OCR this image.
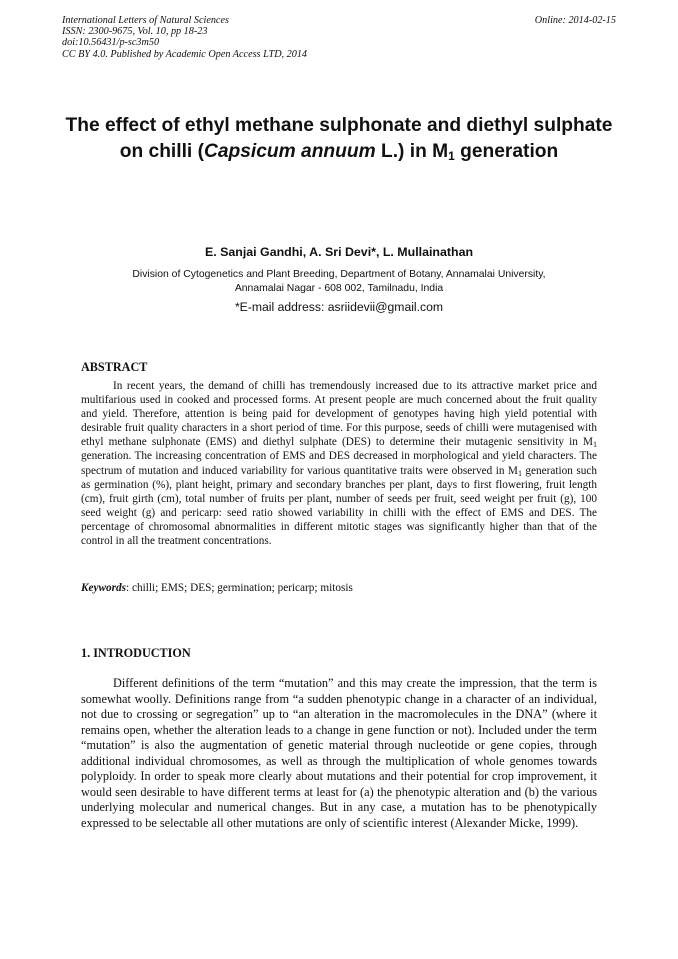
International Letters of Natural Sciences
ISSN: 2300-9675, Vol. 10, pp 18-23
doi:10.56431/p-sc3m50
CC BY 4.0. Published by Academic Open Access LTD, 2014
Online: 2014-02-15
The effect of ethyl methane sulphonate and diethyl sulphate on chilli (Capsicum annuum L.) in $M_1$ generation
E. Sanjai Gandhi, A. Sri Devi*, L. Mullainathan
Division of Cytogenetics and Plant Breeding, Department of Botany, Annamalai University,
Annamalai Nagar - 608 002, Tamilnadu, India
*E-mail address: asriidevii@gmail.com
ABSTRACT

In recent years, the demand of chilli has tremendously increased due to its attractive market price and multifarious used in cooked and processed forms. At present people are much concerned about the fruit quality and yield. Therefore, attention is being paid for development of genotypes having high yield potential with desirable fruit quality characters in a short period of time. For this purpose, seeds of chilli were mutagenised with ethyl methane sulphonate (EMS) and diethyl sulphate (DES) to determine their mutagenic sensitivity in $M_1$ generation. The increasing concentration of EMS and DES decreased in morphological and yield characters. The spectrum of mutation and induced variability for various quantitative traits were observed in $M_1$ generation such as germination (%), plant height, primary and secondary branches per plant, days to first flowering, fruit length (cm), fruit girth (cm), total number of fruits per plant, number of seeds per fruit, seed weight per fruit (g), 100 seed weight (g) and pericarp: seed ratio showed variability in chilli with the effect of EMS and DES. The percentage of chromosomal abnormalities in different mitotic stages was significantly higher than that of the control in all the treatment concentrations.

Keywords: chilli; EMS; DES; germination; pericarp; mitosis
1. INTRODUCTION

Different definitions of the term “mutation” and this may create the impression, that the term is somewhat woolly. Definitions range from “a sudden phenotypic change in a character of an individual, not due to crossing or segregation” up to “an alteration in the macromolecules in the DNA” (where it remains open, whether the alteration leads to a change in gene function or not). Included under the term “mutation” is also the augmentation of genetic material through nucleotide or gene copies, through additional individual chromosomes, as well as through the multiplication of whole genomes towards polyploidy. In order to speak more clearly about mutations and their potential for crop improvement, it would seen desirable to have different terms at least for (a) the phenotypic alteration and (b) the various underlying molecular and numerical changes. But in any case, a mutation has to be phenotypically expressed to be selectable all other mutations are only of scientific interest (Alexander Micke, 1999).
